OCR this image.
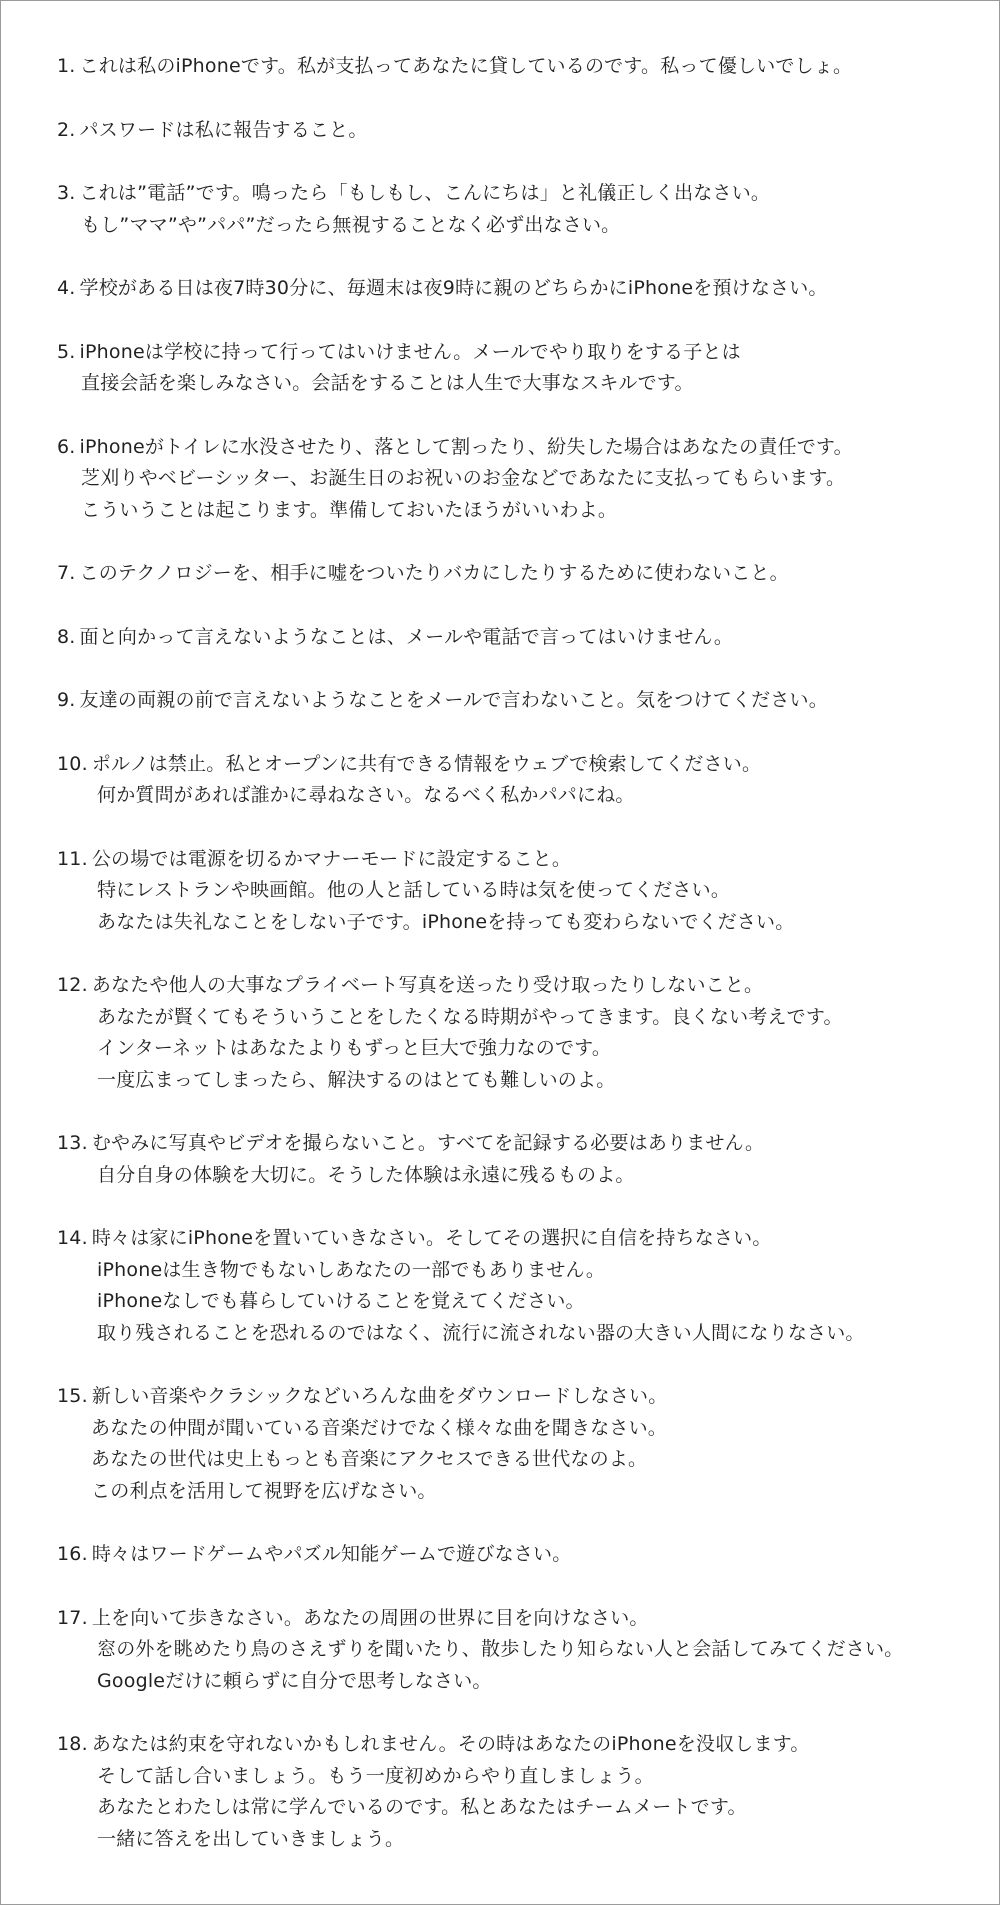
1. これは私のiPhoneです。私が支払ってあなたに貸しているのです。私って優しいでしょ。
2. パスワードは私に報告すること。
3. これは”電話”です。鳴ったら「もしもし、こんにちは」と礼儀正しく出なさい。
もし”ママ”や”パパ”だったら無視することなく必ず出なさい。
4. 学校がある日は夜7時30分に、毎週末は夜9時に親のどちらかにiPhoneを預けなさい。
5. iPhoneは学校に持って行ってはいけません。メールでやり取りをする子とは
直接会話を楽しみなさい。会話をすることは人生で大事なスキルです。
6. iPhoneがトイレに水没させたり、落として割ったり、紛失した場合はあなたの責任です。
芝刈りやベビーシッター、お誕生日のお祝いのお金などであなたに支払ってもらいます。
こういうことは起こります。準備しておいたほうがいいわよ。
7. このテクノロジーを、相手に嘘をついたりバカにしたりするために使わないこと。
8. 面と向かって言えないようなことは、メールや電話で言ってはいけません。
9. 友達の両親の前で言えないようなことをメールで言わないこと。気をつけてください。
10. ポルノは禁止。私とオープンに共有できる情報をウェブで検索してください。
何か質問があれば誰かに尋ねなさい。なるべく私かパパにね。
11. 公の場では電源を切るかマナーモードに設定すること。
特にレストランや映画館。他の人と話している時は気を使ってください。
あなたは失礼なことをしない子です。iPhoneを持っても変わらないでください。
12. あなたや他人の大事なプライベート写真を送ったり受け取ったりしないこと。
あなたが賢くてもそういうことをしたくなる時期がやってきます。良くない考えです。
インターネットはあなたよりもずっと巨大で強力なのです。
一度広まってしまったら、解決するのはとても難しいのよ。
13. むやみに写真やビデオを撮らないこと。すべてを記録する必要はありません。
自分自身の体験を大切に。そうした体験は永遠に残るものよ。
14. 時々は家にiPhoneを置いていきなさい。そしてその選択に自信を持ちなさい。
iPhoneは生き物でもないしあなたの一部でもありません。
iPhoneなしでも暮らしていけることを覚えてください。
取り残されることを恐れるのではなく、流行に流されない器の大きい人間になりなさい。
15. 新しい音楽やクラシックなどいろんな曲をダウンロードしなさい。
あなたの仲間が聞いている音楽だけでなく様々な曲を聞きなさい。
あなたの世代は史上もっとも音楽にアクセスできる世代なのよ。
この利点を活用して視野を広げなさい。
16. 時々はワードゲームやパズル知能ゲームで遊びなさい。
17. 上を向いて歩きなさい。あなたの周囲の世界に目を向けなさい。
窓の外を眺めたり鳥のさえずりを聞いたり、散歩したり知らない人と会話してみてください。
Googleだけに頼らずに自分で思考しなさい。
18. あなたは約束を守れないかもしれません。その時はあなたのiPhoneを没収します。
そして話し合いましょう。もう一度初めからやり直しましょう。
あなたとわたしは常に学んでいるのです。私とあなたはチームメートです。
一緒に答えを出していきましょう。
